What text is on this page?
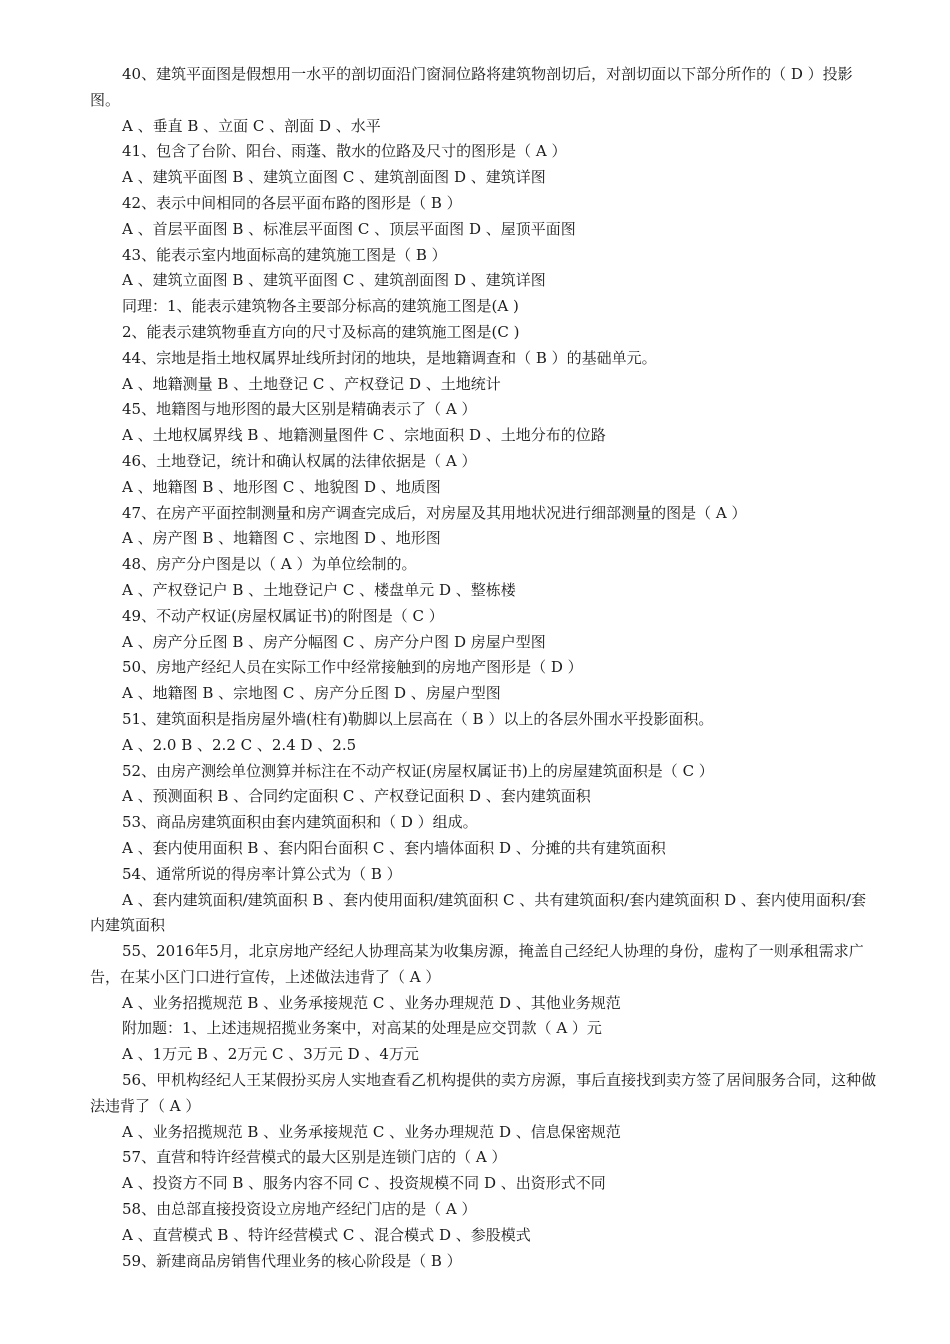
40、建筑平面图是假想用一水平的剖切面沿门窗洞位路将建筑物剖切后，对剖切面以下部分所作的（ D ）投影图。

A 、垂直 B 、立面 C 、剖面 D 、水平

41、包含了台阶、阳台、雨蓬、散水的位路及尺寸的图形是（ A ）

A 、建筑平面图 B 、建筑立面图 C 、建筑剖面图 D 、建筑详图

42、表示中间相同的各层平面布路的图形是（ B ）

A 、首层平面图 B 、标准层平面图 C 、顶层平面图 D 、屋顶平面图

43、能表示室内地面标高的建筑施工图是（ B ）

A 、建筑立面图 B 、建筑平面图 C 、建筑剖面图 D 、建筑详图

同理：1、能表示建筑物各主要部分标高的建筑施工图是(A )

2、能表示建筑物垂直方向的尺寸及标高的建筑施工图是(C )

44、宗地是指土地权属界址线所封闭的地块，是地籍调查和（ B ）的基础单元。

A 、地籍测量 B 、土地登记 C 、产权登记 D 、土地统计

45、地籍图与地形图的最大区别是精确表示了（ A ）

A 、土地权属界线 B 、地籍测量图件 C 、宗地面积 D 、土地分布的位路

46、土地登记，统计和确认权属的法律依据是（ A ）

A 、地籍图 B 、地形图 C 、地貌图 D 、地质图

47、在房产平面控制测量和房产调查完成后，对房屋及其用地状况进行细部测量的图是（ A ）

A 、房产图 B 、地籍图 C 、宗地图 D 、地形图

48、房产分户图是以（ A ）为单位绘制的。

A 、产权登记户 B 、土地登记户 C 、楼盘单元 D 、整栋楼

49、不动产权证(房屋权属证书)的附图是（ C ）

A 、房产分丘图 B 、房产分幅图 C 、房产分户图 D 房屋户型图

50、房地产经纪人员在实际工作中经常接触到的房地产图形是（ D ）

A 、地籍图 B 、宗地图 C 、房产分丘图 D 、房屋户型图

51、建筑面积是指房屋外墙(柱有)勒脚以上层高在（ B ）以上的各层外围水平投影面积。

A 、2.0 B 、2.2 C 、2.4 D 、2.5

52、由房产测绘单位测算并标注在不动产权证(房屋权属证书)上的房屋建筑面积是（ C ）

A 、预测面积 B 、合同约定面积 C 、产权登记面积 D 、套内建筑面积

53、商品房建筑面积由套内建筑面积和（ D ）组成。

A 、套内使用面积 B 、套内阳台面积 C 、套内墙体面积 D 、分摊的共有建筑面积

54、通常所说的得房率计算公式为（ B ）

A 、套内建筑面积/建筑面积 B 、套内使用面积/建筑面积 C 、共有建筑面积/套内建筑面积 D 、套内使用面积/套内建筑面积

55、2016年5月，北京房地产经纪人协理高某为收集房源，掩盖自己经纪人协理的身份，虚构了一则承租需求广告，在某小区门口进行宣传，上述做法违背了（ A ）

A 、业务招揽规范 B 、业务承接规范 C 、业务办理规范 D 、其他业务规范

附加题：1、上述违规招揽业务案中，对高某的处理是应交罚款（ A ）元

A 、1万元 B 、2万元 C 、3万元 D 、4万元

56、甲机构经纪人王某假扮买房人实地查看乙机构提供的卖方房源，事后直接找到卖方签了居间服务合同，这种做法违背了（ A ）

A 、业务招揽规范 B 、业务承接规范 C 、业务办理规范 D 、信息保密规范

57、直营和特许经营模式的最大区别是连锁门店的（ A ）

A 、投资方不同 B 、服务内容不同 C 、投资规模不同 D 、出资形式不同

58、由总部直接投资设立房地产经纪门店的是（ A ）

A 、直营模式 B 、特许经营模式 C 、混合模式 D 、参股模式

59、新建商品房销售代理业务的核心阶段是（ B ）
